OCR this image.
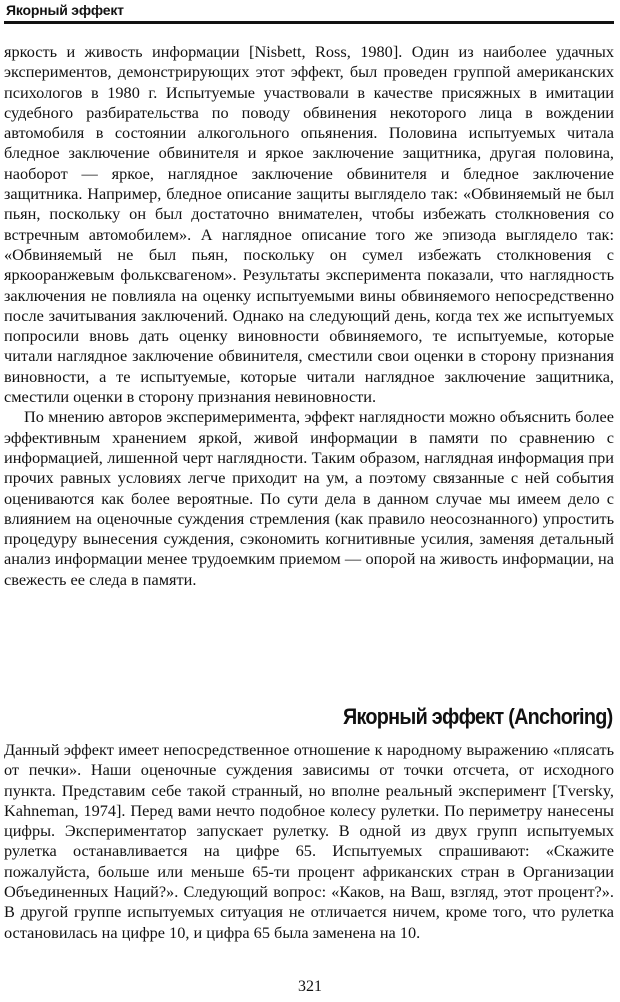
Якорный эффект

яркость и живость информации [Nisbett, Ross, 1980]. Один из наиболее удачных экспериментов, демонстрирующих этот эффект, был проведен группой американских психологов в 1980 г. Испытуемые участвовали в качестве присяжных в имитации судебного разбирательства по поводу обвинения некоторого лица в вождении автомобиля в состоянии алкогольного опьянения. Половина испытуемых читала бледное заключение обвинителя и яркое заключение защитника, другая половина, наоборот — яркое, наглядное заключение обвинителя и бледное заключение защитника. Например, бледное описание защиты выглядело так: «Обвиняемый не был пьян, поскольку он был достаточно внимателен, чтобы избежать столкновения со встречным автомобилем». А наглядное описание того же эпизода выглядело так: «Обвиняемый не был пьян, поскольку он сумел избежать столкновения с яркооранжевым фольксвагеном». Результаты эксперимента показали, что наглядность заключения не повлияла на оценку испытуемыми вины обвиняемого непосредственно после зачитывания заключений. Однако на следующий день, когда тех же испытуемых попросили вновь дать оценку виновности обвиняемого, те испытуемые, которые читали наглядное заключение обвинителя, сместили свои оценки в сторону признания виновности, а те испытуемые, которые читали наглядное заключение защитника, сместили оценки в сторону признания невиновности.

По мнению авторов эксперимеримента, эффект наглядности можно объяснить более эффективным хранением яркой, живой информации в памяти по сравнению с информацией, лишенной черт наглядности. Таким образом, наглядная информация при прочих равных условиях легче приходит на ум, а поэтому связанные с ней события оцениваются как более вероятные. По сути дела в данном случае мы имеем дело с влиянием на оценочные суждения стремления (как правило неосознанного) упростить процедуру вынесения суждения, сэкономить когнитивные усилия, заменяя детальный анализ информации менее трудоемким приемом — опорой на живость информации, на свежесть ее следа в памяти.

Якорный эффект (Anchoring)

Данный эффект имеет непосредственное отношение к народному выражению «плясать от печки». Наши оценочные суждения зависимы от точки отсчета, от исходного пункта. Представим себе такой странный, но вполне реальный эксперимент [Tversky, Kahneman, 1974]. Перед вами нечто подобное колесу рулетки. По периметру нанесены цифры. Экспериментатор запускает рулетку. В одной из двух групп испытуемых рулетка останавливается на цифре 65. Испытуемых спрашивают: «Скажите пожалуйста, больше или меньше 65-ти процент африканских стран в Организации Объединенных Наций?». Следующий вопрос: «Каков, на Ваш, взгляд, этот процент?». В другой группе испытуемых ситуация не отличается ничем, кроме того, что рулетка остановилась на цифре 10, и цифра 65 была заменена на 10.

321
